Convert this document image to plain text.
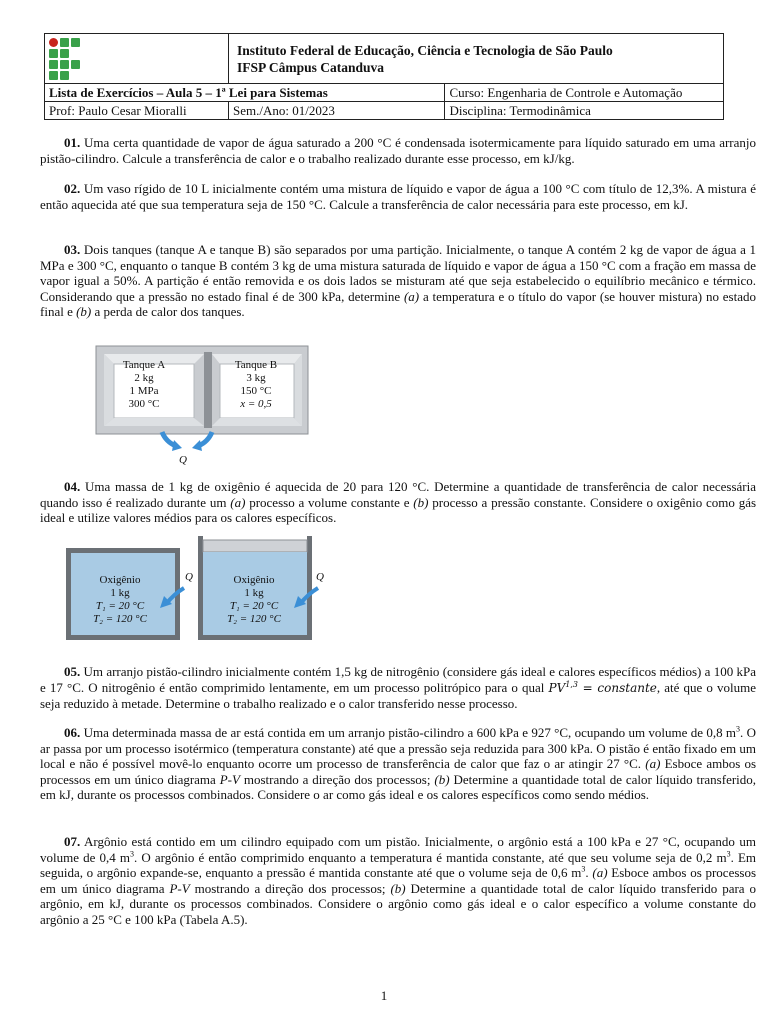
	Instituto Federal de Educação, Ciência e Tecnologia de São Paulo
IFSP Câmpus Catanduva	

Lista de Exercícios – Aula 5 – 1ª Lei para Sistemas		Curso: Engenharia de Controle e Automação
Prof: Paulo Cesar Mioralli	Sem./Ano: 01/2023	Disciplina: Termodinâmica

01. Uma certa quantidade de vapor de água saturado a 200 °C é condensada isotermicamente para líquido saturado em uma arranjo pistão-cilindro. Calcule a transferência de calor e o trabalho realizado durante esse processo, em kJ/kg.

02. Um vaso rígido de 10 L inicialmente contém uma mistura de líquido e vapor de água a 100 °C com título de 12,3%. A mistura é então aquecida até que sua temperatura seja de 150 °C. Calcule a transferência de calor necessária para este processo, em kJ.

03. Dois tanques (tanque A e tanque B) são separados por uma partição. Inicialmente, o tanque A contém 2 kg de vapor de água a 1 MPa e 300 °C, enquanto o tanque B contém 3 kg de uma mistura saturada de líquido e vapor de água a 150 °C com a fração em massa de vapor igual a 50%. A partição é então removida e os dois lados se misturam até que seja estabelecido o equilíbrio mecânico e térmico. Considerando que a pressão no estado final é de 300 kPa, determine (a) a temperatura e o título do vapor (se houver mistura) no estado final e (b) a perda de calor dos tanques.

Tanque A
2 kg
1 MPa
300 °C
Tanque B
3 kg
150 °C
x = 0,5
Q

04. Uma massa de 1 kg de oxigênio é aquecida de 20 para 120 °C. Determine a quantidade de transferência de calor necessária quando isso é realizado durante um (a) processo a volume constante e (b) processo a pressão constante. Considere o oxigênio como gás ideal e utilize valores médios para os calores específicos.

Oxigênio
1 kg
T₁ = 20 °C
T₂ = 120 °C
Q	Oxigênio
1 kg
T₁ = 20 °C
T₂ = 120 °C
Q

05. Um arranjo pistão-cilindro inicialmente contém 1,5 kg de nitrogênio (considere gás ideal e calores específicos médios) a 100 kPa e 17 °C. O nitrogênio é então comprimido lentamente, em um processo politrópico para o qual PV$^{1,3}$ = constante, até que o volume seja reduzido à metade. Determine o trabalho realizado e o calor transferido nesse processo.

06. Uma determinada massa de ar está contida em um arranjo pistão-cilindro a 600 kPa e 927 °C, ocupando um volume de 0,8 $m^3$. O ar passa por um processo isotérmico (temperatura constante) até que a pressão seja reduzida para 300 kPa. O pistão é então fixado em um local e não é possível movê-lo enquanto ocorre um processo de transferência de calor que faz o ar atingir 27 °C. (a) Esboce ambos os processos em um único diagrama P-V mostrando a direção dos processos; (b) Determine a quantidade total de calor líquido transferido, em kJ, durante os processos combinados. Considere o ar como gás ideal e os calores específicos como sendo médios.

07. Argônio está contido em um cilindro equipado com um pistão. Inicialmente, o argônio está a 100 kPa e 27 °C, ocupando um volume de 0,4 $m^3$. O argônio é então comprimido enquanto a temperatura é mantida constante, até que seu volume seja de 0,2 $m^3$. Em seguida, o argônio expande-se, enquanto a pressão é mantida constante até que o volume seja de 0,6 $m^3$. (a) Esboce ambos os processos em um único diagrama P-V mostrando a direção dos processos; (b) Determine a quantidade total de calor líquido transferido para o argônio, em kJ, durante os processos combinados. Considere o argônio como gás ideal e o calor específico a volume constante do argônio a 25 °C e 100 kPa (Tabela A.5).

1
